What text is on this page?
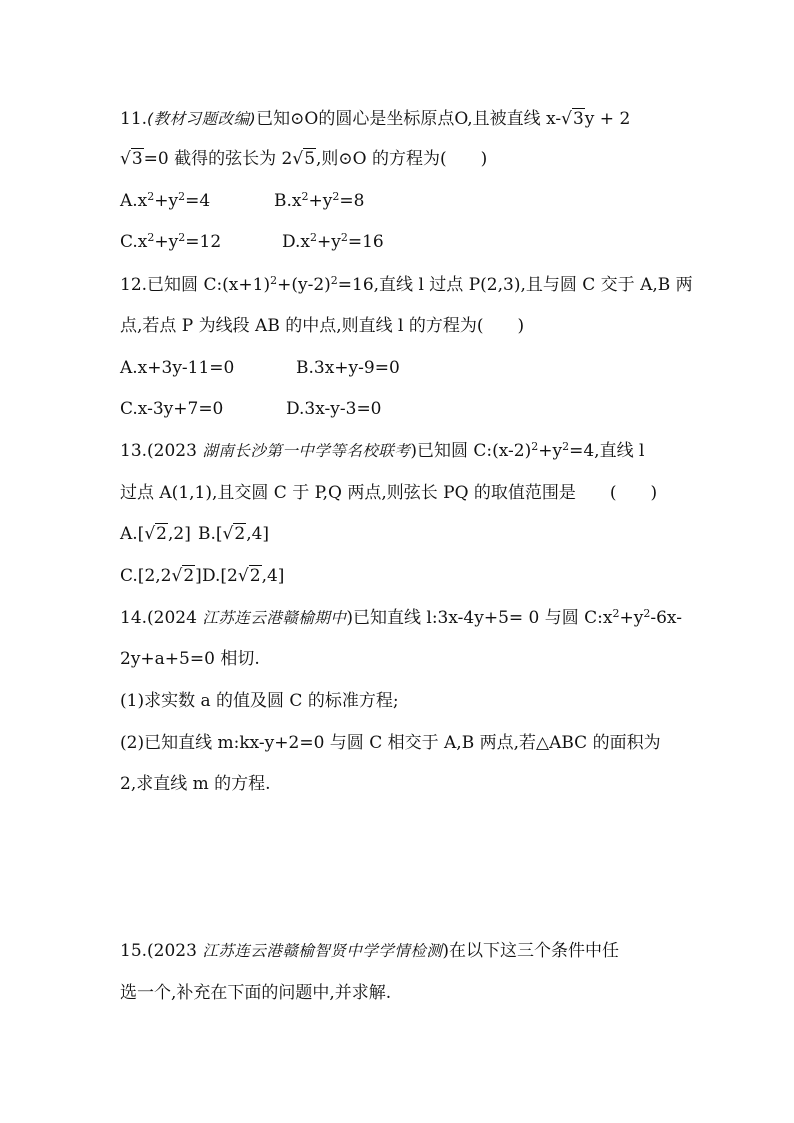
11.(教材习题改编)已知⊙O的圆心是坐标原点O,且被直线 x-√3y + 2
√3=0 截得的弦长为 2√5,则⊙O 的方程为(　　)
$A.x^2+y^2=4$	$B.x^2+y^2=8$
$C.x^2+y^2=12$	$D.x^2+y^2=16$
12.已知圆 $C:(x+1)^2+(y-2)^2=16$,直线 l 过点 P(2,3),且与圆 C 交于 A,B 两
点,若点 P 为线段 AB 的中点,则直线 l 的方程为(　　)
A.x+3y-11=0	B.3x+y-9=0
C.x-3y+7=0	D.3x-y-3=0
13.(2023 湖南长沙第一中学等名校联考)已知圆 $C:(x-2)^2+y^2=4$,直线 l
过点 A(1,1),且交圆 C 于 P,Q 两点,则弦长 PQ 的取值范围是　　(　　)
A.[√2,2] B.[√2,4]
C.[2,2√2]D.[2√2,4]
14.(2024 江苏连云港赣榆期中)已知直线 l:3x-4y+5= 0 与圆 $C:x^2+y^2-6x-$
2y+a+5=0 相切.
(1)求实数 a 的值及圆 C 的标准方程;
(2)已知直线 m:kx-y+2=0 与圆 C 相交于 A,B 两点,若△ABC 的面积为
2,求直线 m 的方程.
15.(2023 江苏连云港赣榆智贤中学学情检测)在以下这三个条件中任
选一个,补充在下面的问题中,并求解.
